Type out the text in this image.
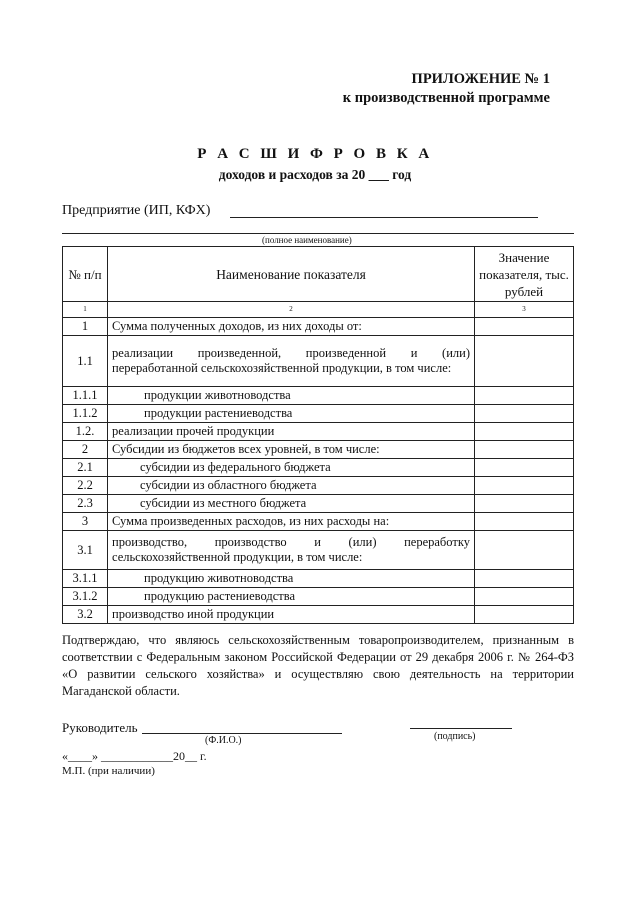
ПРИЛОЖЕНИЕ № 1
к производственной программе
Р А С Ш И Ф Р О В К А
доходов и расходов за 20 ___ год
Предприятие (ИП, КФХ)
(полное наименование)
№ п/п	Наименование показателя	Значение показателя, тыс. рублей
1	2	3
1	Сумма полученных доходов, из них доходы от:	
1.1	реализации произведенной, произведенной и (или) переработанной сельскохозяйственной продукции, в том числе:	
1.1.1	продукции животноводства	
1.1.2	продукции растениеводства	
1.2.	реализации прочей продукции	
2	Субсидии из бюджетов всех уровней, в том числе:	
2.1	субсидии из федерального бюджета	
2.2	субсидии из областного бюджета	
2.3	субсидии из местного бюджета	
3	Сумма произведенных расходов, из них расходы на:	
3.1	производство, производство и (или) переработку сельскохозяйственной продукции, в том числе:	
3.1.1	продукцию животноводства	
3.1.2	продукцию растениеводства	
3.2	производство иной продукции	
Подтверждаю, что являюсь сельскохозяйственным товаропроизводителем, признанным в соответствии с Федеральным законом Российской Федерации от 29 декабря 2006 г. № 264-ФЗ «О развитии сельского хозяйства» и осуществляю свою деятельность на территории Магаданской области.
Руководитель
(Ф.И.О.)	(подпись)
«____» ____________20__ г.
М.П. (при наличии)
